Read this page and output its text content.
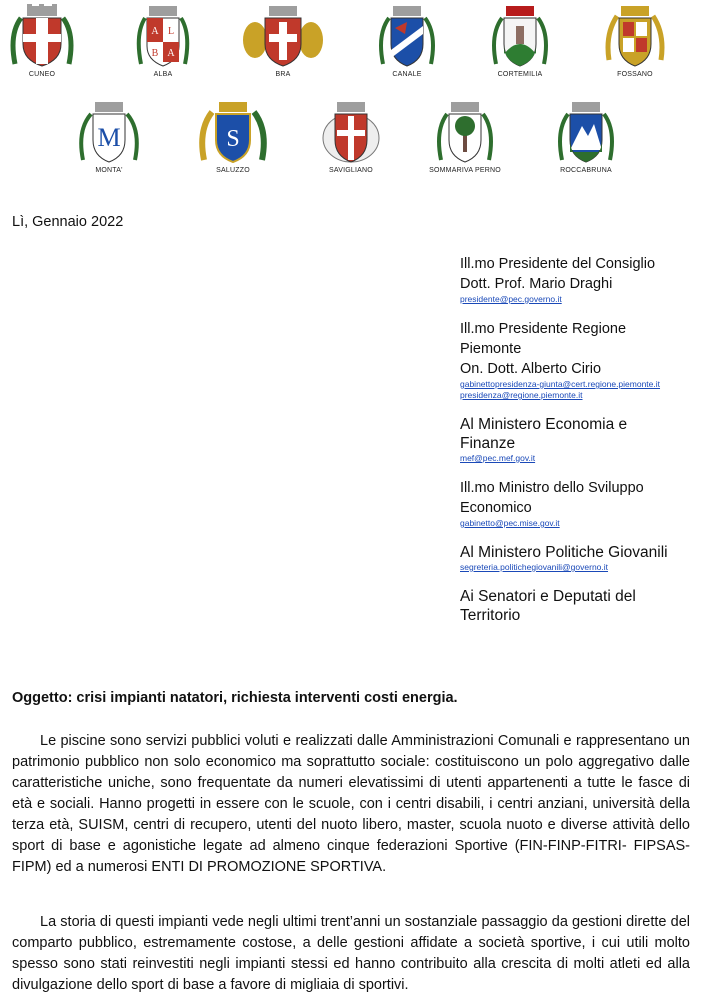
CUNEO
A L
B A
ALBA	BRA	CANALE	CORTEMILIA	FOSSANO
M
MONTA'
S
SALUZZO	SAVIGLIANO	SOMMARIVA PERNO	ROCCABRUNA
Lì, Gennaio 2022
Ill.mo Presidente del Consiglio
Dott. Prof. Mario Draghi
presidente@pec.governo.it
Ill.mo Presidente Regione
Piemonte
On. Dott. Alberto Cirio
gabinettopresidenza-giunta@cert.regione.piemonte.it
presidenza@regione.piemonte.it
Al Ministero Economia e
Finanze
mef@pec.mef.gov.it
Ill.mo Ministro dello Sviluppo
Economico
gabinetto@pec.mise.gov.it
Al Ministero Politiche Giovanili
segreteria.politichegiovanili@governo.it
Ai Senatori e Deputati del
Territorio
Oggetto: crisi impianti natatori, richiesta interventi costi energia.

Le piscine sono servizi pubblici voluti e realizzati dalle Amministrazioni Comunali e rappresentano un patrimonio pubblico non solo economico ma soprattutto sociale: costituiscono un polo aggregativo dalle caratteristiche uniche, sono frequentate da numeri elevatissimi di utenti appartenenti a tutte le fasce di età e sociali. Hanno progetti in essere con le scuole, con i centri disabili, i centri anziani, università della terza età, SUISM, centri di recupero, utenti del nuoto libero, master, scuola nuoto e diverse attività dello sport di base e agonistiche legate ad almeno cinque federazioni Sportive (FIN-FINP-FITRI- FIPSAS-FIPM) ed a numerosi ENTI DI PROMOZIONE SPORTIVA.

La storia di questi impianti vede negli ultimi trent’anni un sostanziale passaggio da gestioni dirette del comparto pubblico, estremamente costose, a delle gestioni affidate a società sportive, i cui utili molto spesso sono stati reinvestiti negli impianti stessi ed hanno contribuito alla crescita di molti atleti ed alla divulgazione dello sport di base a favore di migliaia di sportivi.
